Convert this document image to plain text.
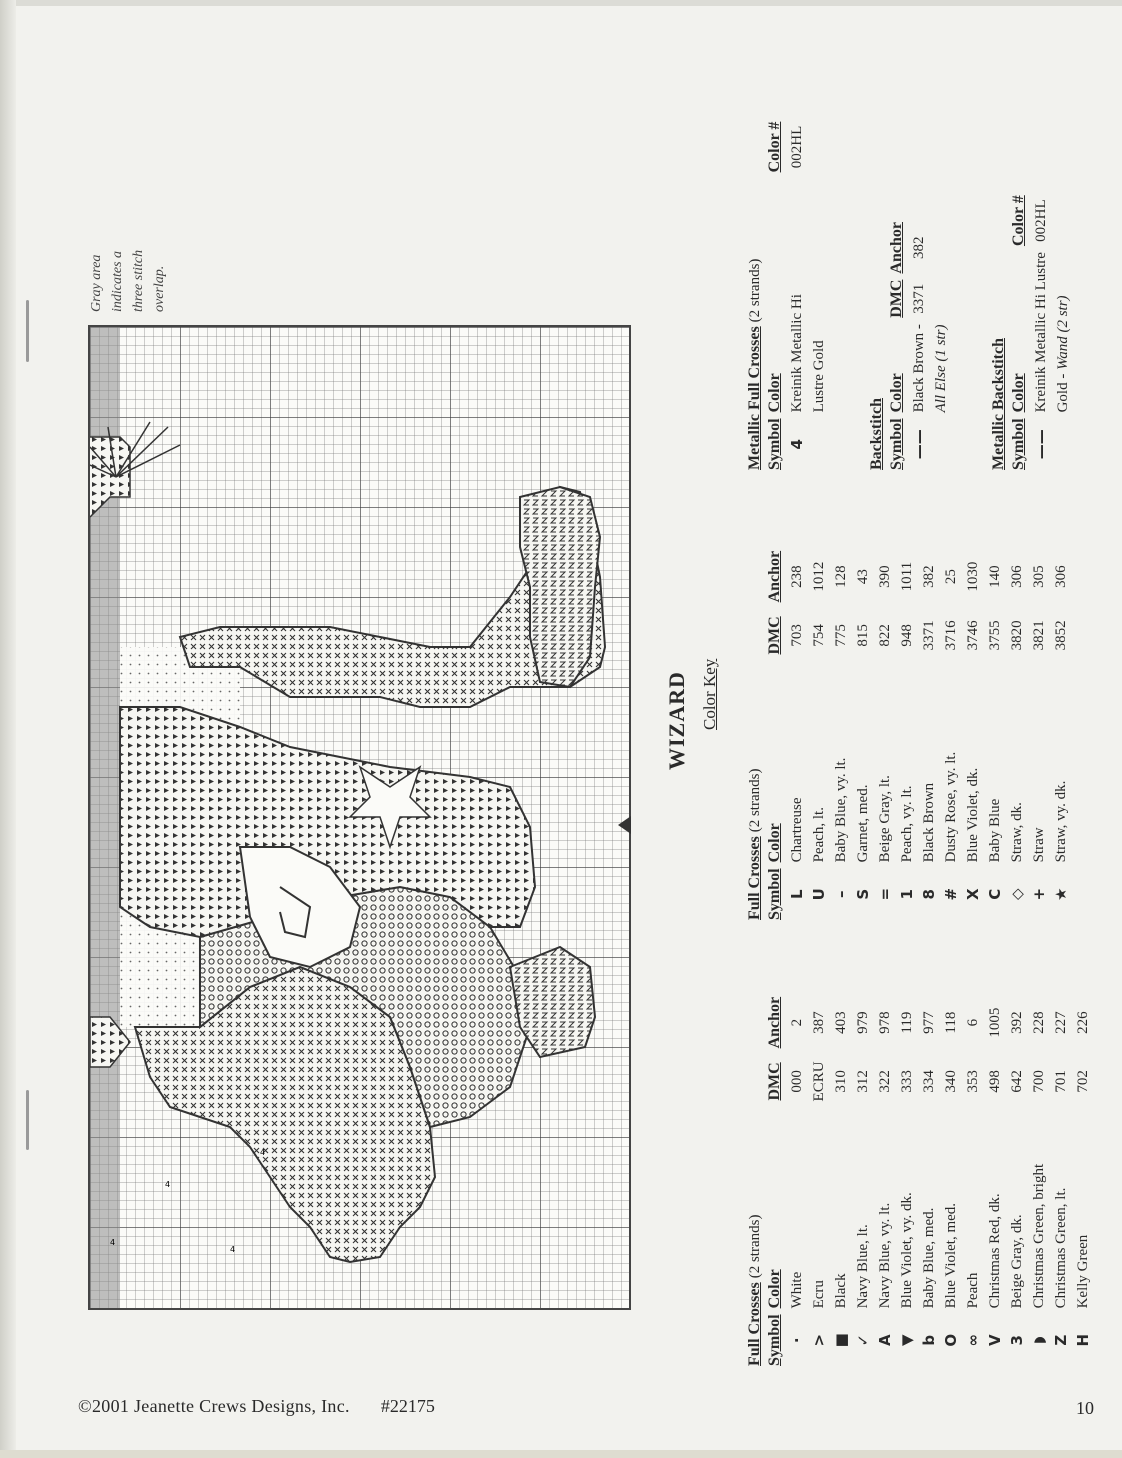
4
4
4
4
Gray area indicates a three stitch overlap.
WIZARD Color Key
Full Crosses (2 strands)
Symbol	Color	DMC	Anchor
·	White	000	2
>	Ecru	ECRU	387
■	Black	310	403
✓	Navy Blue, lt.	312	979
A	Navy Blue, vy. lt.	322	978
▼	Blue Violet, vy. dk.	333	119
b	Baby Blue, med.	334	977
O	Blue Violet, med.	340	118
∞	Peach	353	6
V	Christmas Red, dk.	498	1005
3	Beige Gray, dk.	642	392
◗	Christmas Green, bright	700	228
Z	Christmas Green, lt.	701	227
H	Kelly Green	702	226
Full Crosses (2 strands)
Symbol	Color	DMC	Anchor
L	Chartreuse	703	238
U	Peach, lt.	754	1012
–	Baby Blue, vy. lt.	775	128
S	Garnet, med.	815	43
=	Beige Gray, lt.	822	390
1	Peach, vy. lt.	948	1011
8	Black Brown	3371	382
#	Dusty Rose, vy. lt.	3716	25
X	Blue Violet, dk.	3746	1030
C	Baby Blue	3755	140
◇	Straw, dk.	3820	306
+	Straw	3821	305
★	Straw, vy. dk.	3852	306
Metallic Full Crosses (2 strands)
Symbol	Color	Color #
4	Kreinik Metallic Hi Lustre Gold	002HL
Backstitch Symbol	Color	DMC	Anchor
——	Black Brown - All Else (1 str)	3371	382
Metallic Backstitch Symbol	Color	Color #
——	Kreinik Metallic Hi Lustre Gold - Wand (2 str)	002HL
©2001 Jeanette Crews Designs, Inc. #22175	10
